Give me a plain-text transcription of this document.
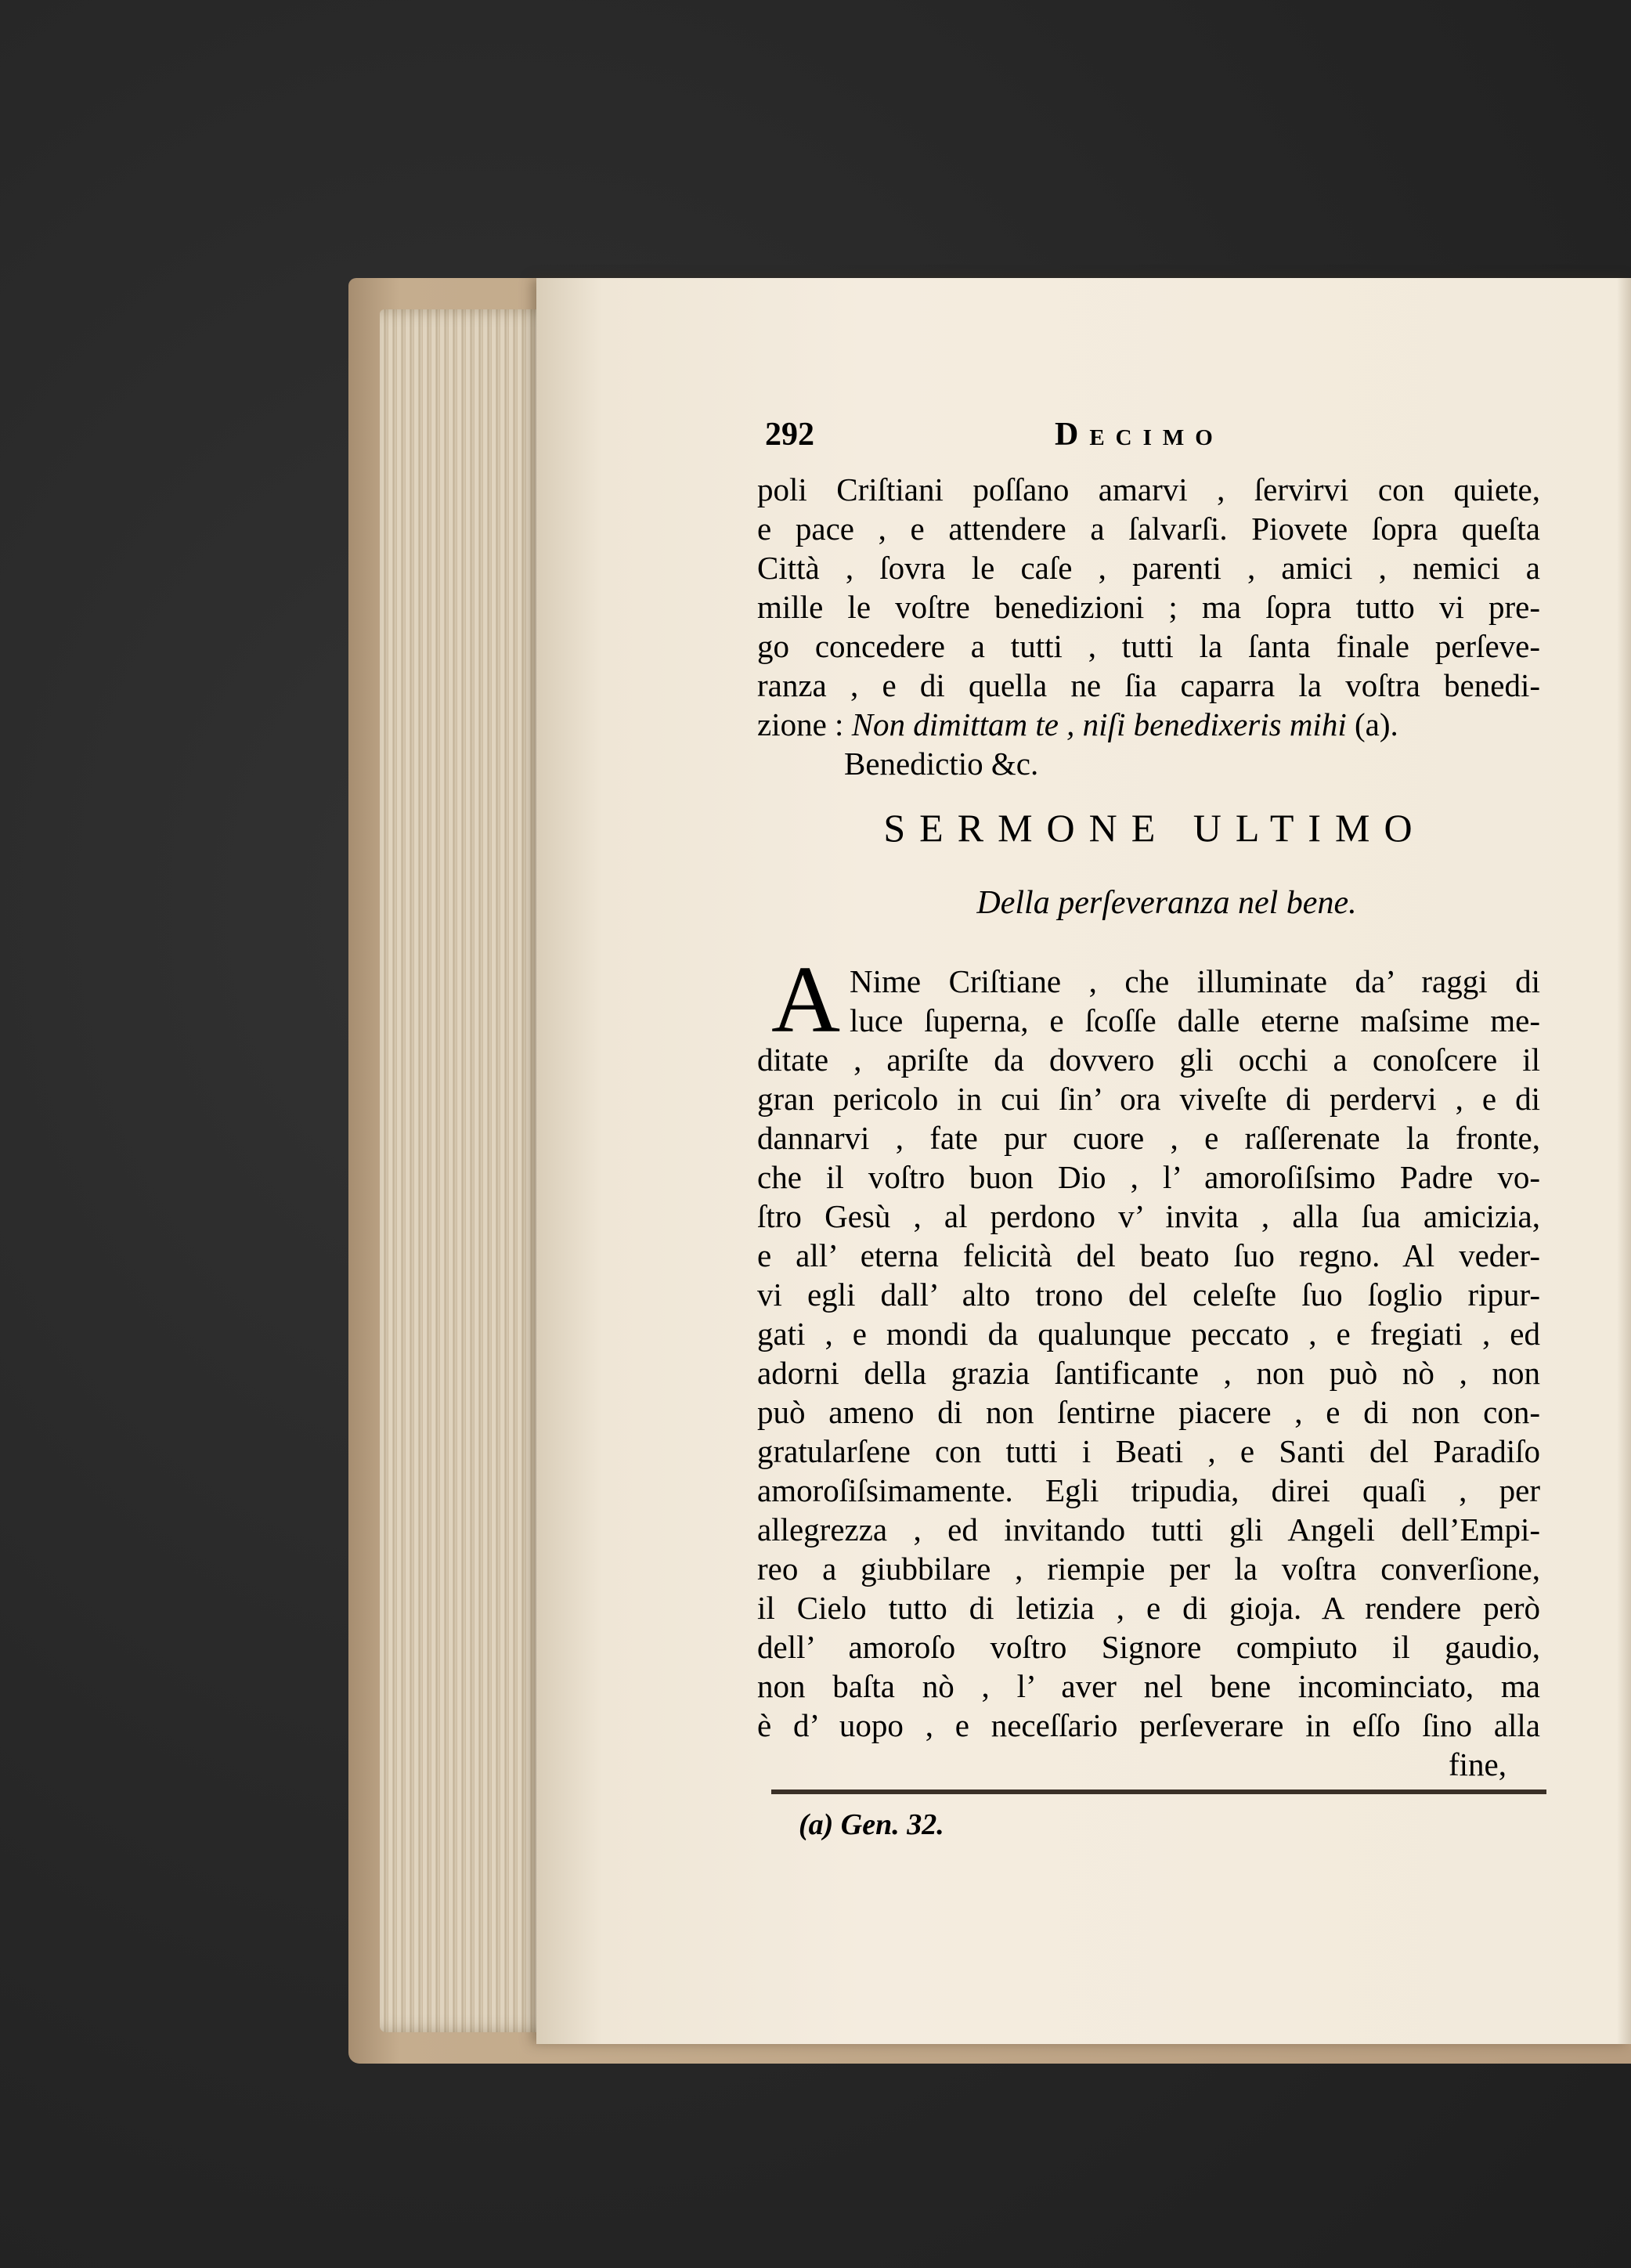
292	Decimo
poli Criſtiani poſſano amarvi , ſervirvi con quiete,
e pace , e attendere a ſalvarſi. Piovete ſopra queſta
Città , ſovra le caſe , parenti , amici , nemici a
mille le voſtre benedizioni ; ma ſopra tutto vi pre-
go concedere a tutti , tutti la ſanta finale perſeve-
ranza , e di quella ne ſia caparra la voſtra benedi-
zione : Non dimittam te , niſi benedixeris mihi (a).
Benedictio &c.
SERMONE ULTIMO
Della perſeveranza nel bene.
A Nime Criſtiane , che illuminate da’ raggi di
luce ſuperna, e ſcoſſe dalle eterne maſsime me-
ditate , apriſte da dovvero gli occhi a conoſcere il
gran pericolo in cui ſin’ ora viveſte di perdervi , e di
dannarvi , fate pur cuore , e raſſerenate la fronte,
che il voſtro buon Dio , l’ amoroſiſsimo Padre vo-
ſtro Gesù , al perdono v’ invita , alla ſua amicizia,
e all’ eterna felicità del beato ſuo regno. Al veder-
vi egli dall’ alto trono del celeſte ſuo ſoglio ripur-
gati , e mondi da qualunque peccato , e fregiati , ed
adorni della grazia ſantificante , non può nò , non
può ameno di non ſentirne piacere , e di non con-
gratularſene con tutti i Beati , e Santi del Paradiſo
amoroſiſsimamente. Egli tripudia, direi quaſi , per
allegrezza , ed invitando tutti gli Angeli dell’Empi-
reo a giubbilare , riempie per la voſtra converſione,
il Cielo tutto di letizia , e di gioja. A rendere però
dell’ amoroſo voſtro Signore compiuto il gaudio,
non baſta nò , l’ aver nel bene incominciato, ma
è d’ uopo , e neceſſario perſeverare in eſſo ſino alla
fine,
(a) Gen. 32.
